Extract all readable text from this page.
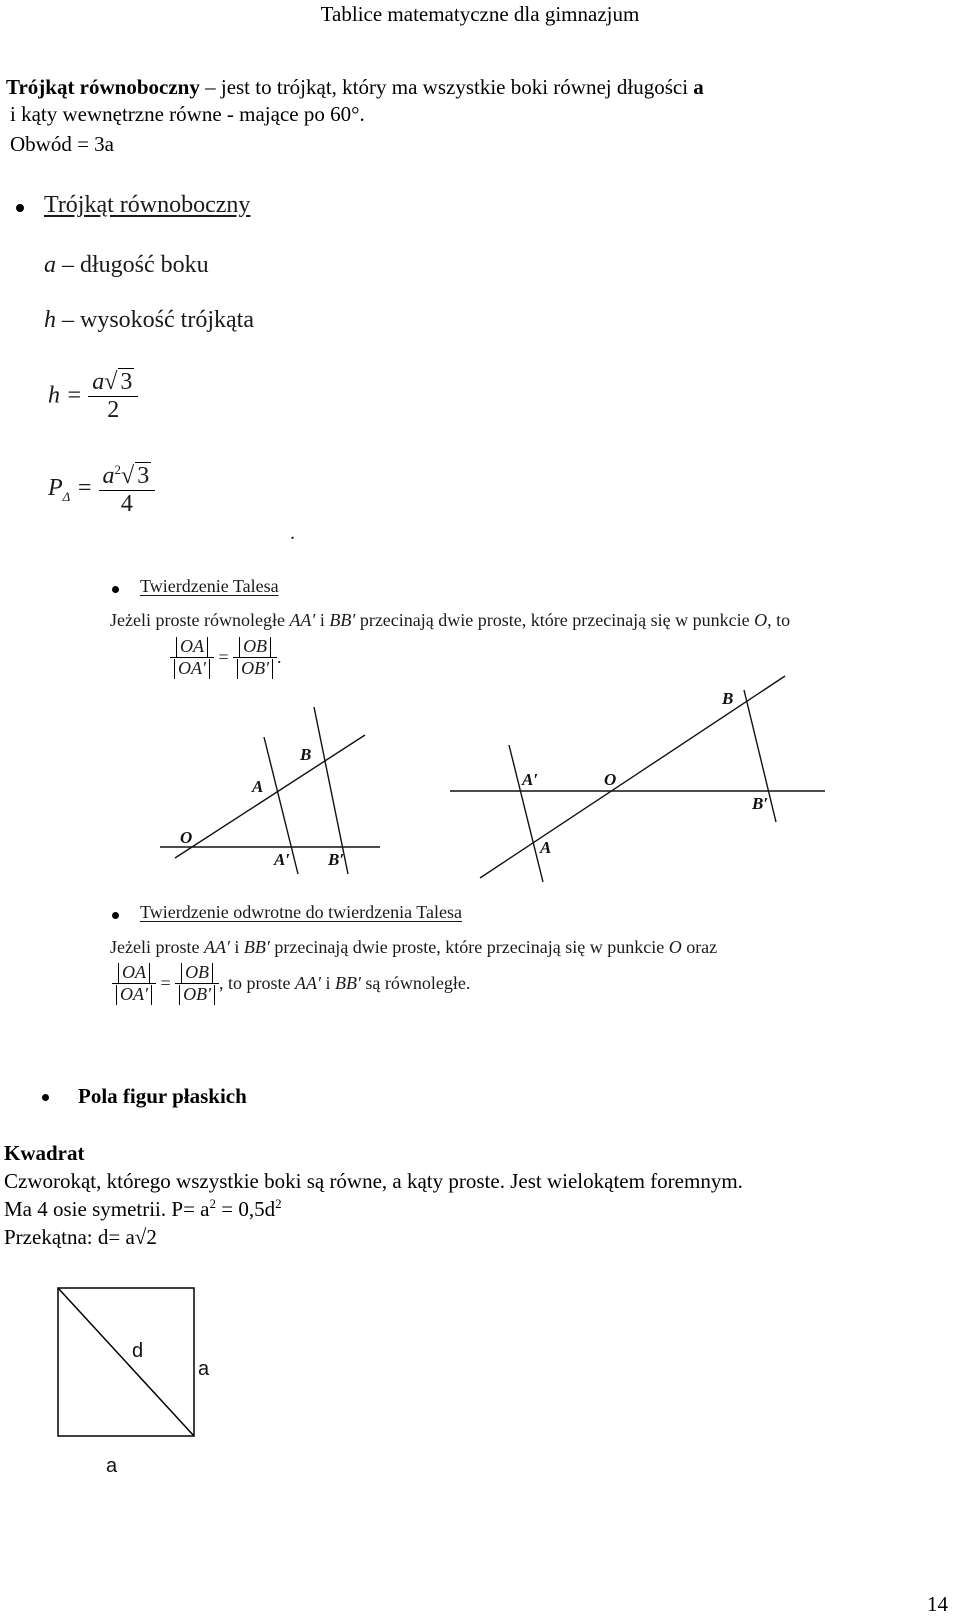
Tablice matematyczne dla gimnazjum
Trójkąt równoboczny – jest to trójkąt, który ma wszystkie boki równej długości a
i kąty wewnętrzne równe - mające po 60°.
Obwód = 3a
Trójkąt równoboczny
a – długość boku
h – wysokość trójkąta
$h = \frac{a√ 3}{2}$
$P_\Delta = \frac{a^2√ 3}{4}$
.
Twierdzenie Talesa
Jeżeli proste równoległe AA′ i BB′ przecinają dwie proste, które przecinają się w punkcie O, to
$\frac{OA}{OA'} = \frac{OB}{OB'}$ .
O
A
B
A′ B′
O
A
B
A′
B′
Twierdzenie odwrotne do twierdzenia Talesa
Jeżeli proste AA′ i BB′ przecinają dwie proste, które przecinają się w punkcie O oraz
$\frac{OA}{OA'} = \frac{OB}{OB'}$ , to proste AA′ i BB′ są równoległe.
Pola figur płaskich
Kwadrat
Czworokąt, którego wszystkie boki są równe, a kąty proste. Jest wielokątem foremnym.
Ma 4 osie symetrii. $P= a^2 = 0,5d^2$
Przekątna: d= a√2
d
a
a
14
